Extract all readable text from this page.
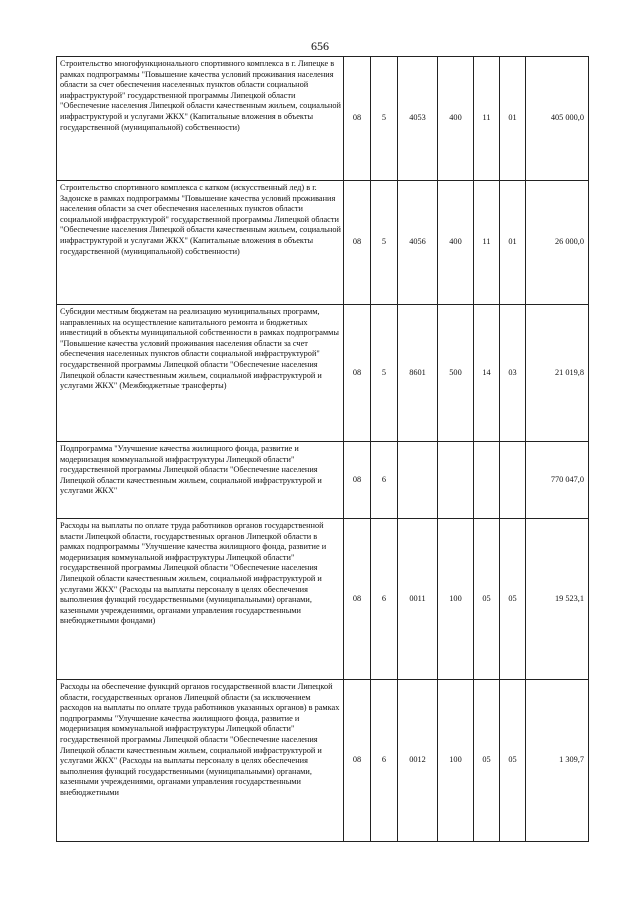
656
Строительство многофункционального спортивного комплекса в г. Липецке в рамках подпрограммы "Повышение качества условий проживания населения области за счет обеспечения населенных пунктов области социальной инфраструктурой" государственной программы Липецкой области "Обеспечение населения Липецкой области качественным жильем, социальной инфраструктурой и услугами ЖКХ" (Капитальные вложения в объекты государственной (муниципальной) собственности)	08	5	4053	400	11	01	405 000,0
Строительство спортивного комплекса с катком (искусственный лед) в г. Задонске в рамках подпрограммы "Повышение качества условий проживания населения области за счет обеспечения населенных пунктов области социальной инфраструктурой" государственной программы Липецкой области "Обеспечение населения Липецкой области качественным жильем, социальной инфраструктурой и услугами ЖКХ" (Капитальные вложения в объекты государственной (муниципальной) собственности)	08	5	4056	400	11	01	26 000,0
Субсидии местным бюджетам на реализацию муниципальных программ, направленных на осуществление капитального ремонта и бюджетных инвестиций в объекты муниципальной собственности в рамках подпрограммы "Повышение качества условий проживания населения области за счет обеспечения населенных пунктов области социальной инфраструктурой" государственной программы Липецкой области "Обеспечение населения Липецкой области качественным жильем, социальной инфраструктурой и услугами ЖКХ" (Межбюджетные трансферты)	08	5	8601	500	14	03	21 019,8
Подпрограмма "Улучшение качества жилищного фонда, развитие и модернизация коммунальной инфраструктуры Липецкой области" государственной программы Липецкой области "Обеспечение населения Липецкой области качественным жильем, социальной инфраструктурой и услугами ЖКХ"	08	6					770 047,0
Расходы на выплаты по оплате труда работников органов государственной власти Липецкой области, государственных органов Липецкой области в рамках подпрограммы "Улучшение качества жилищного фонда, развитие и модернизация коммунальной инфраструктуры Липецкой области" государственной программы Липецкой области "Обеспечение населения Липецкой области качественным жильем, социальной инфраструктурой и услугами ЖКХ" (Расходы на выплаты персоналу в целях обеспечения выполнения функций государственными (муниципальными) органами, казенными учреждениями, органами управления государственными внебюджетными фондами)	08	6	0011	100	05	05	19 523,1
Расходы на обеспечение функций органов государственной власти Липецкой области, государственных органов Липецкой области (за исключением расходов на выплаты по оплате труда работников указанных органов) в рамках подпрограммы "Улучшение качества жилищного фонда, развитие и модернизация коммунальной инфраструктуры Липецкой области" государственной программы Липецкой области "Обеспечение населения Липецкой области качественным жильем, социальной инфраструктурой и услугами ЖКХ" (Расходы на выплаты персоналу в целях обеспечения выполнения функций государственными (муниципальными) органами, казенными учреждениями, органами управления государственными внебюджетными	08	6	0012	100	05	05	1 309,7
